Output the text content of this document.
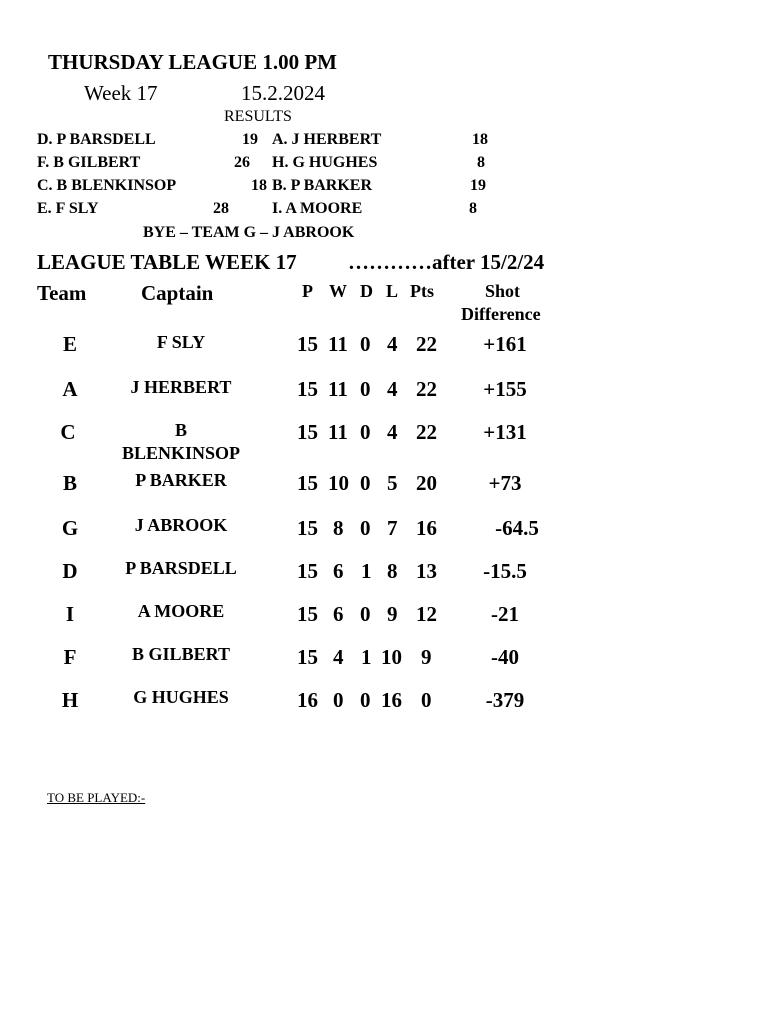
THURSDAY LEAGUE 1.00 PM
Week 17	15.2.2024
RESULTS
D. P BARSDELL	19 A. J HERBERT	18
F. B GILBERT	26 H. G HUGHES	8
C. B BLENKINSOP	18 B. P BARKER	19
E. F SLY	28	I. A MOORE	8
BYE – TEAM G – J ABROOK
LEAGUE TABLE WEEK 17 …………after 15/2/24
Team	Captain	P W D L Pts	Shot
Difference
E	F SLY	15 11 0 4 22	+161
A	J HERBERT	15 11 0 4 22	+155
C	B
BLENKINSOP
15 11 0 4 22	+131
B	P BARKER	15 10 0 5 20	+73
G	J ABROOK	15 8 0 7 16	-64.5
D	P BARSDELL	15 6 1 8 13	-15.5
I	A MOORE	15 6 0 9 12	-21
F	B GILBERT	15 4 1 10 9	-40
H	G HUGHES	16 0 0 16 0	-379
TO BE PLAYED:-
